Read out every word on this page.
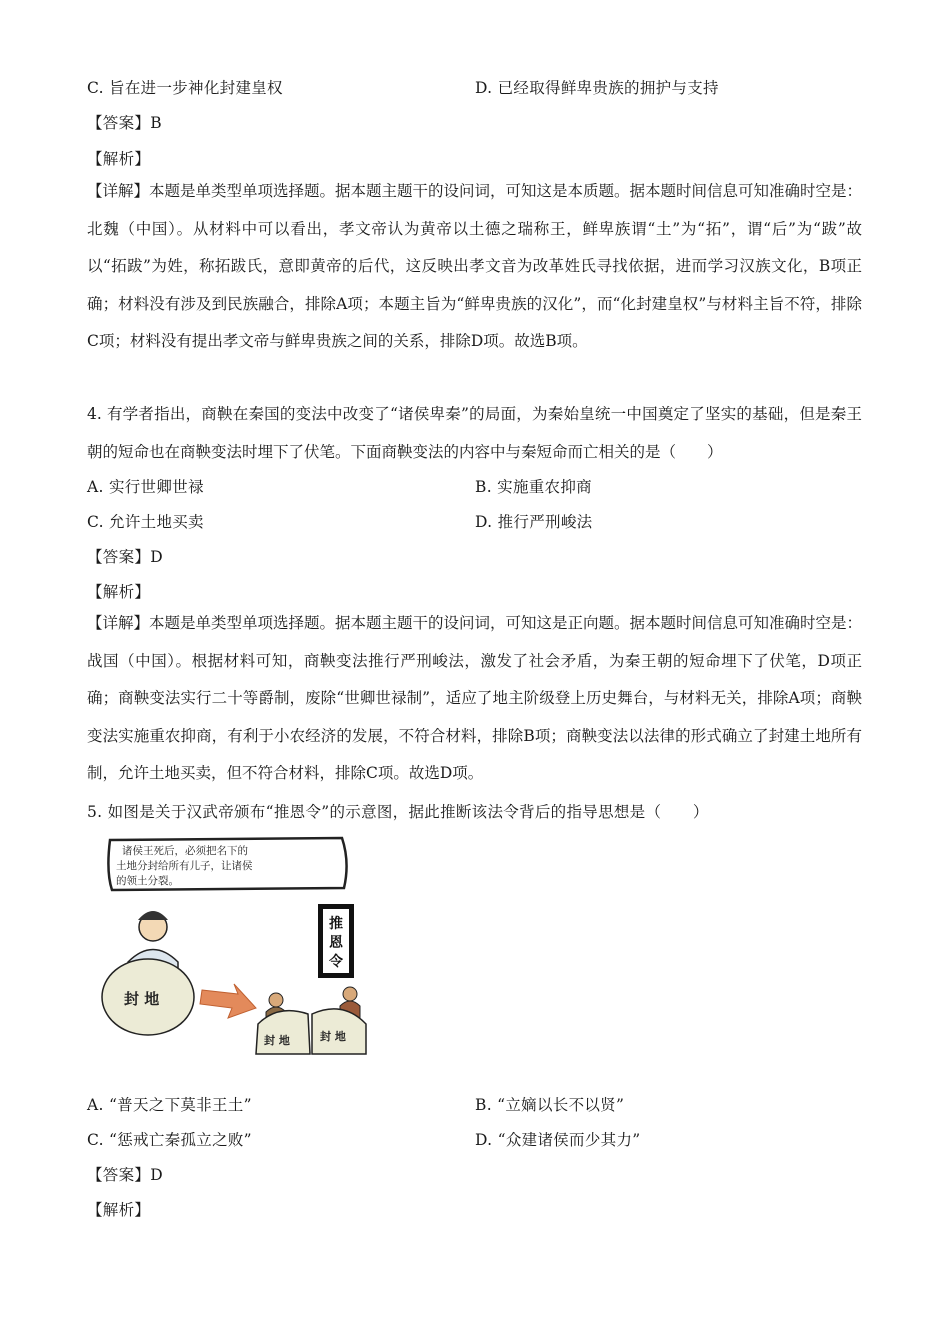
C. 旨在进一步神化封建皇权	D. 已经取得鲜卑贵族的拥护与支持
【答案】B
【解析】
【详解】本题是单类型单项选择题。据本题主题干的设问词，可知这是本质题。据本题时间信息可知准确时空是：北魏（中国）。从材料中可以看出，孝文帝认为黄帝以土德之瑞称王，鲜卑族谓“土”为“拓”，谓“后”为“跋”故以“拓跋”为姓，称拓跋氏，意即黄帝的后代，这反映出孝文音为改革姓氏寻找依据，进而学习汉族文化，B项正确；材料没有涉及到民族融合，排除A项；本题主旨为“鲜卑贵族的汉化”，而“化封建皇权”与材料主旨不符，排除C项；材料没有提出孝文帝与鲜卑贵族之间的关系，排除D项。故选B项。
4. 有学者指出，商鞅在秦国的变法中改变了“诸侯卑秦”的局面，为秦始皇统一中国奠定了坚实的基础，但是秦王朝的短命也在商鞅变法时埋下了伏笔。下面商鞅变法的内容中与秦短命而亡相关的是（　　）
A. 实行世卿世禄	B. 实施重农抑商
C. 允许土地买卖	D. 推行严刑峻法
【答案】D
【解析】
【详解】本题是单类型单项选择题。据本题主题干的设问词，可知这是正向题。据本题时间信息可知准确时空是：战国（中国）。根据材料可知，商鞅变法推行严刑峻法，激发了社会矛盾，为秦王朝的短命埋下了伏笔，D项正确；商鞅变法实行二十等爵制，废除“世卿世禄制”，适应了地主阶级登上历史舞台，与材料无关，排除A项；商鞅变法实施重农抑商，有利于小农经济的发展，不符合材料，排除B项；商鞅变法以法律的形式确立了封建土地所有制，允许土地买卖，但不符合材料，排除C项。故选D项。
5. 如图是关于汉武帝颁布“推恩令”的示意图，据此推断该法令背后的指导思想是（　　）
诸侯王死后，必须把名下的 土地分封给所有儿子，让诸侯 的领土分裂。
推恩令
封 地
封 地	封 地
A. “普天之下莫非王土”	B. “立嫡以长不以贤”
C. “惩戒亡秦孤立之败”	D. “众建诸侯而少其力”
【答案】D
【解析】
